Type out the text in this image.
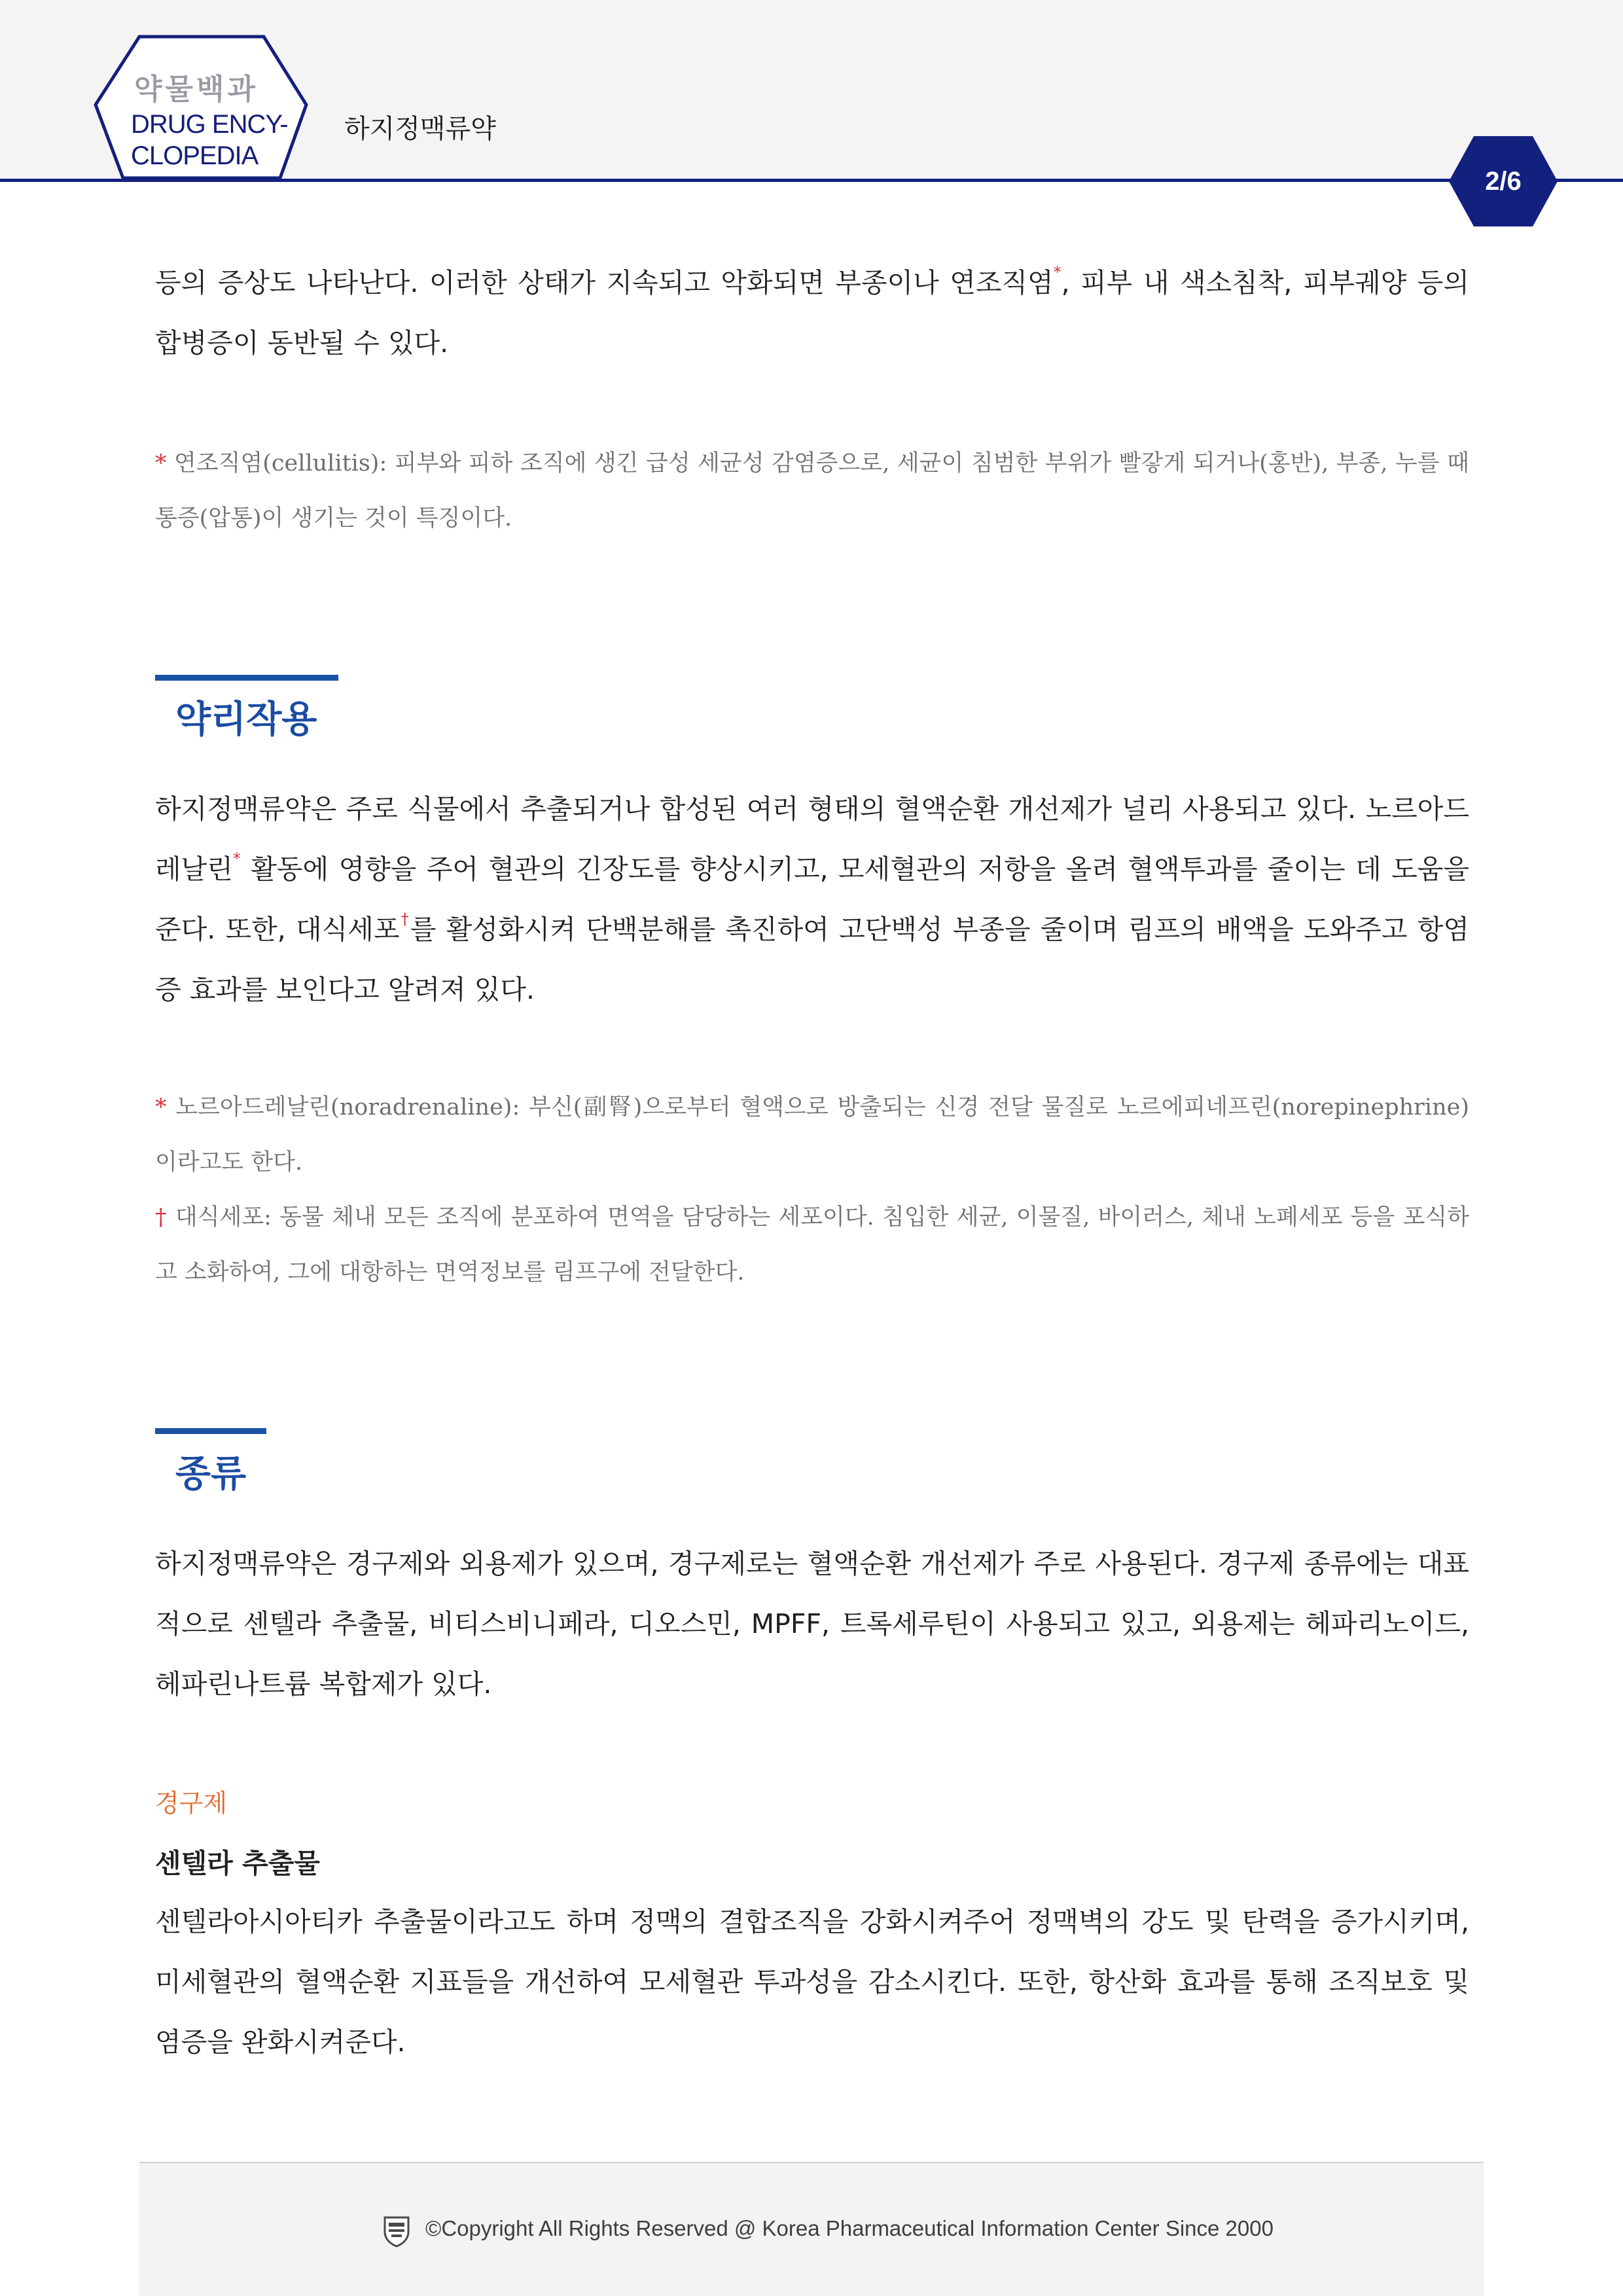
약물백과
DRUG ENCY-
CLOPEDIA
하지정맥류약
2/6
등의 증상도 나타난다. 이러한 상태가 지속되고 악화되면 부종이나 연조직염*, 피부 내 색소침착, 피부궤양 등의 합병증이 동반될 수 있다.
* 연조직염(cellulitis): 피부와 피하 조직에 생긴 급성 세균성 감염증으로, 세균이 침범한 부위가 빨갛게 되거나(홍반), 부종, 누를 때 통증(압통)이 생기는 것이 특징이다.
약리작용
하지정맥류약은 주로 식물에서 추출되거나 합성된 여러 형태의 혈액순환 개선제가 널리 사용되고 있다. 노르아드레날린* 활동에 영향을 주어 혈관의 긴장도를 향상시키고, 모세혈관의 저항을 올려 혈액투과를 줄이는 데 도움을 준다. 또한, 대식세포†를 활성화시켜 단백분해를 촉진하여 고단백성 부종을 줄이며 림프의 배액을 도와주고 항염증 효과를 보인다고 알려져 있다.
* 노르아드레날린(noradrenaline): 부신(副腎)으로부터 혈액으로 방출되는 신경 전달 물질로 노르에피네프린(norepinephrine)이라고도 한다.
† 대식세포: 동물 체내 모든 조직에 분포하여 면역을 담당하는 세포이다. 침입한 세균, 이물질, 바이러스, 체내 노폐세포 등을 포식하고 소화하여, 그에 대항하는 면역정보를 림프구에 전달한다.
종류
하지정맥류약은 경구제와 외용제가 있으며, 경구제로는 혈액순환 개선제가 주로 사용된다. 경구제 종류에는 대표적으로 센텔라 추출물, 비티스비니페라, 디오스민, MPFF, 트록세루틴이 사용되고 있고, 외용제는 헤파리노이드, 헤파린나트륨 복합제가 있다.
경구제
센텔라 추출물
센텔라아시아티카 추출물이라고도 하며 정맥의 결합조직을 강화시켜주어 정맥벽의 강도 및 탄력을 증가시키며, 미세혈관의 혈액순환 지표들을 개선하여 모세혈관 투과성을 감소시킨다. 또한, 항산화 효과를 통해 조직보호 및 염증을 완화시켜준다.
©Copyright All Rights Reserved @ Korea Pharmaceutical Information Center Since 2000
